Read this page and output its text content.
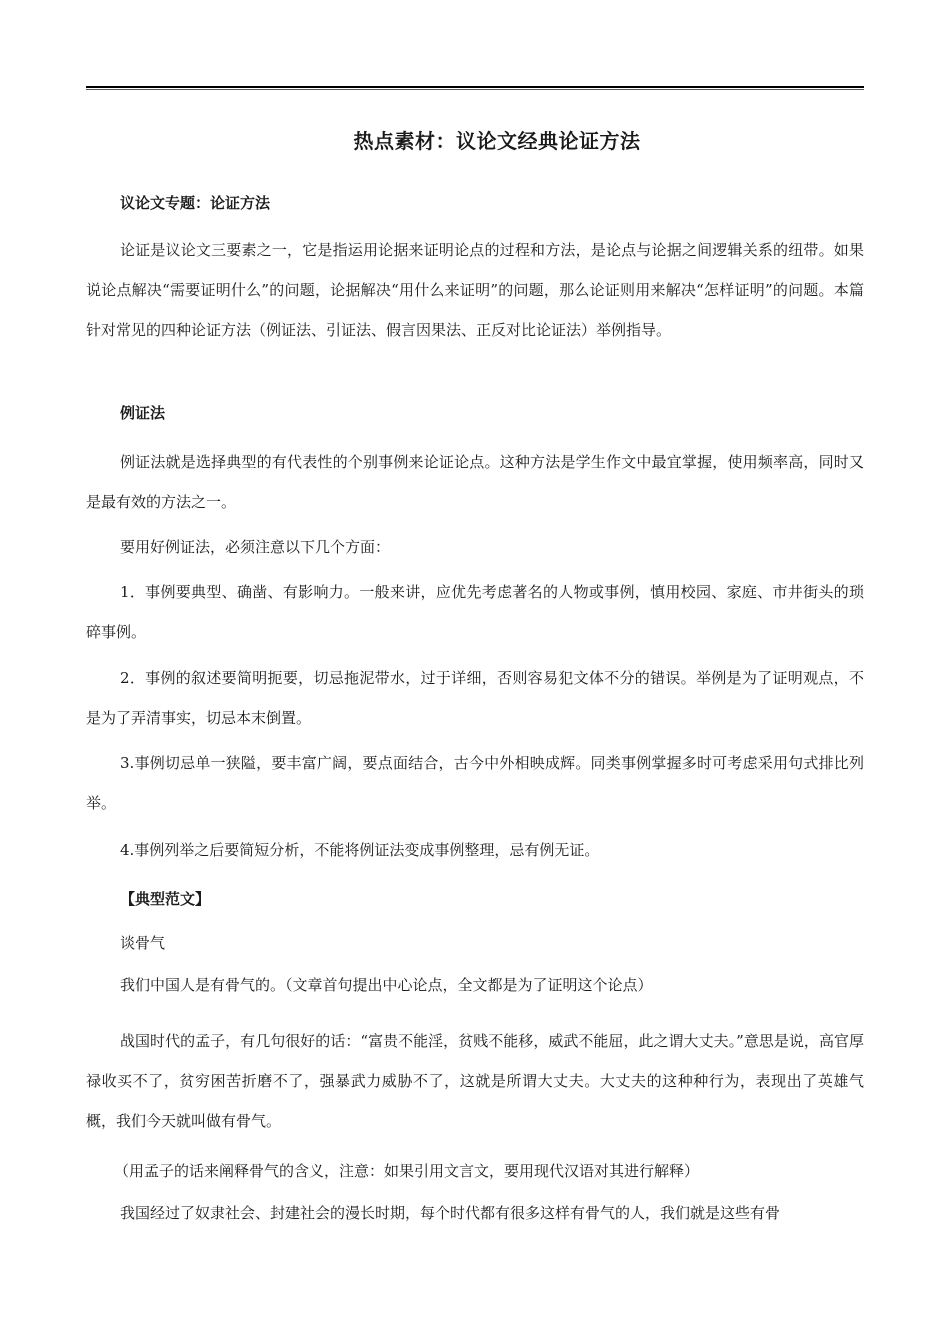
热点素材：议论文经典论证方法
议论文专题：论证方法
论证是议论文三要素之一，它是指运用论据来证明论点的过程和方法，是论点与论据之间逻辑关系的纽带。如果说论点解决“需要证明什么”的问题，论据解决“用什么来证明”的问题，那么论证则用来解决“怎样证明”的问题。本篇针对常见的四种论证方法（例证法、引证法、假言因果法、正反对比论证法）举例指导。
例证法
例证法就是选择典型的有代表性的个别事例来论证论点。这种方法是学生作文中最宜掌握，使用频率高，同时又是最有效的方法之一。
要用好例证法，必须注意以下几个方面：
1．事例要典型、确凿、有影响力。一般来讲，应优先考虑著名的人物或事例，慎用校园、家庭、市井街头的琐碎事例。
2．事例的叙述要简明扼要，切忌拖泥带水，过于详细，否则容易犯文体不分的错误。举例是为了证明观点，不是为了弄清事实，切忌本末倒置。
3.事例切忌单一狭隘，要丰富广阔，要点面结合，古今中外相映成辉。同类事例掌握多时可考虑采用句式排比列举。
4.事例列举之后要简短分析，不能将例证法变成事例整理，忌有例无证。
【典型范文】
谈骨气
我们中国人是有骨气的。（文章首句提出中心论点，全文都是为了证明这个论点）
战国时代的孟子，有几句很好的话：“富贵不能淫，贫贱不能移，威武不能屈，此之谓大丈夫。”意思是说，高官厚禄收买不了，贫穷困苦折磨不了，强暴武力威胁不了，这就是所谓大丈夫。大丈夫的这种种行为，表现出了英雄气概，我们今天就叫做有骨气。
（用孟子的话来阐释骨气的含义，注意：如果引用文言文，要用现代汉语对其进行解释）
我国经过了奴隶社会、封建社会的漫长时期，每个时代都有很多这样有骨气的人，我们就是这些有骨
